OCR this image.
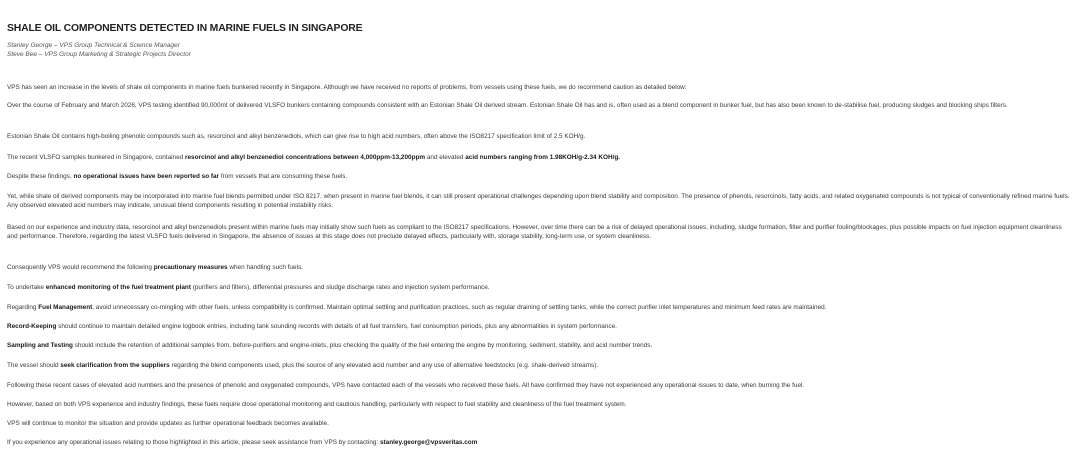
SHALE OIL COMPONENTS DETECTED IN MARINE FUELS IN SINGAPORE
Stanley George – VPS Group Technical & Science Manager
Steve Bee – VPS Group Marketing & Strategic Projects Director

VPS has seen an increase in the levels of shale oil components in marine fuels bunkered recently in Singapore. Although we have received no reports of problems, from vessels using these fuels, we do recommend caution as detailed below:

Over the course of February and March 2026, VPS testing identified 90,000mt of delivered VLSFO bunkers containing compounds consistent with an Estonian Shale Oil derived stream. Estonian Shale Oil has and is, often used as a blend component in bunker fuel, but has also been known to de-stabilise fuel, producing sludges and blocking ships filters.

Estonian Shale Oil contains high-boiling phenolic compounds such as, resorcinol and alkyl benzenediols, which can give rise to high acid numbers, often above the ISO8217 specification limit of 2.5 KOH/g.

The recent VLSFO samples bunkered in Singapore, contained resorcinol and alkyl benzenediol concentrations between 4,000ppm-13,200ppm and elevated acid numbers ranging from 1.98KOH/g-2.34 KOH/g.

Despite these findings, no operational issues have been reported so far from vessels that are consuming these fuels.

Yet, while shale oil derived components may be incorporated into marine fuel blends permitted under ISO 8217, when present in marine fuel blends, it can still present operational challenges depending upon blend stability and composition. The presence of phenols, resorcinols, fatty acids, and related oxygenated compounds is not typical of conventionally refined marine fuels. Any observed elevated acid numbers may indicate, unusual blend components resulting in potential instability risks.

Based on our experience and industry data, resorcinol and alkyl benzenediols present within marine fuels may initially show such fuels as compliant to the ISO8217 specifications. However, over time there can be a risk of delayed operational issues, including, sludge formation, filter and purifier fouling/blockages, plus possible impacts on fuel injection equipment cleanliness and performance. Therefore, regarding the latest VLSFO fuels delivered in Singapore, the absence of issues at this stage does not preclude delayed effects, particularly with, storage stability, long-term use, or system cleanliness.

Consequently VPS would recommend the following precautionary measures when handling such fuels:

To undertake enhanced monitoring of the fuel treatment plant (purifiers and filters), differential pressures and sludge discharge rates and injection system performance.

Regarding Fuel Management, avoid unnecessary co-mingling with other fuels, unless compatibility is confirmed. Maintain optimal settling and purification practices, such as regular draining of settling tanks, while the correct purifier inlet temperatures and minimum feed rates are maintained.

Record-Keeping should continue to maintain detailed engine logbook entries, including tank sounding records with details of all fuel transfers, fuel consumption periods, plus any abnormalities in system performance.

Sampling and Testing should include the retention of additional samples from, before-purifiers and engine-inlets, plus checking the quality of the fuel entering the engine by monitoring, sediment, stability, and acid number trends.

The vessel should seek clarification from the suppliers regarding the blend components used, plus the source of any elevated acid number and any use of alternative feedstocks (e.g. shale-derived streams).

Following these recent cases of elevated acid numbers and the presence of phenolic and oxygenated compounds, VPS have contacted each of the vessels who received these fuels. All have confirmed they have not experienced any operational issues to date, when burning the fuel.

However, based on both VPS experience and industry findings, these fuels require close operational monitoring and cautious handling, particularly with respect to fuel stability and cleanliness of the fuel treatment system.

VPS will continue to monitor the situation and provide updates as further operational feedback becomes available.

If you experience any operational issues relating to those highlighted in this article, please seek assistance from VPS by contacting: stanley.george@vpsveritas.com
